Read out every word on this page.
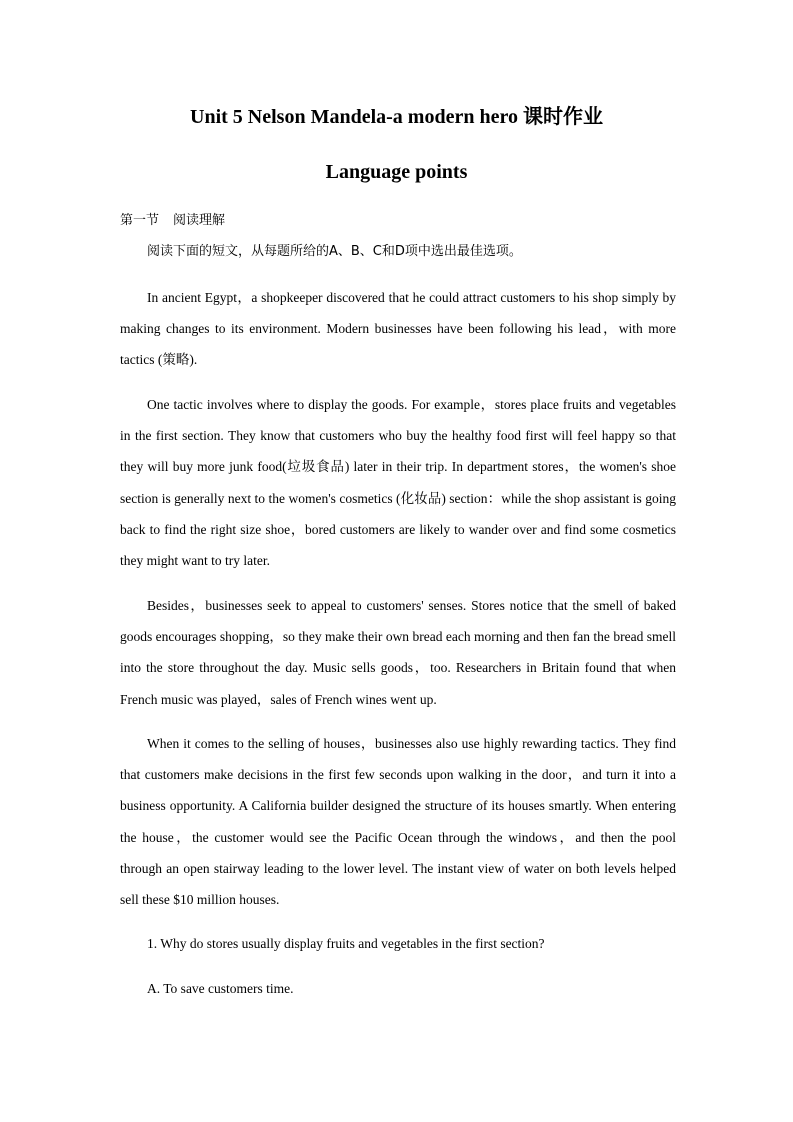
Unit 5 Nelson Mandela-a modern hero 课时作业
Language points
第一节 阅读理解
阅读下面的短文，从每题所给的A、B、C和D项中选出最佳选项。

In ancient Egypt，a shopkeeper discovered that he could attract customers to his shop simply by making changes to its environment. Modern businesses have been following his lead，with more tactics (策略).

One tactic involves where to display the goods. For example，stores place fruits and vegetables in the first section. They know that customers who buy the healthy food first will feel happy so that they will buy more junk food(垃圾食品) later in their trip. In department stores，the women's shoe section is generally next to the women's cosmetics (化妆品) section：while the shop assistant is going back to find the right size shoe，bored customers are likely to wander over and find some cosmetics they might want to try later.

Besides，businesses seek to appeal to customers' senses. Stores notice that the smell of baked goods encourages shopping，so they make their own bread each morning and then fan the bread smell into the store throughout the day. Music sells goods，too. Researchers in Britain found that when French music was played，sales of French wines went up.

When it comes to the selling of houses，businesses also use highly rewarding tactics. They find that customers make decisions in the first few seconds upon walking in the door，and turn it into a business opportunity. A California builder designed the structure of its houses smartly. When entering the house，the customer would see the Pacific Ocean through the windows，and then the pool through an open stairway leading to the lower level. The instant view of water on both levels helped sell these $10 million houses.

1. Why do stores usually display fruits and vegetables in the first section?
A. To save customers time.
